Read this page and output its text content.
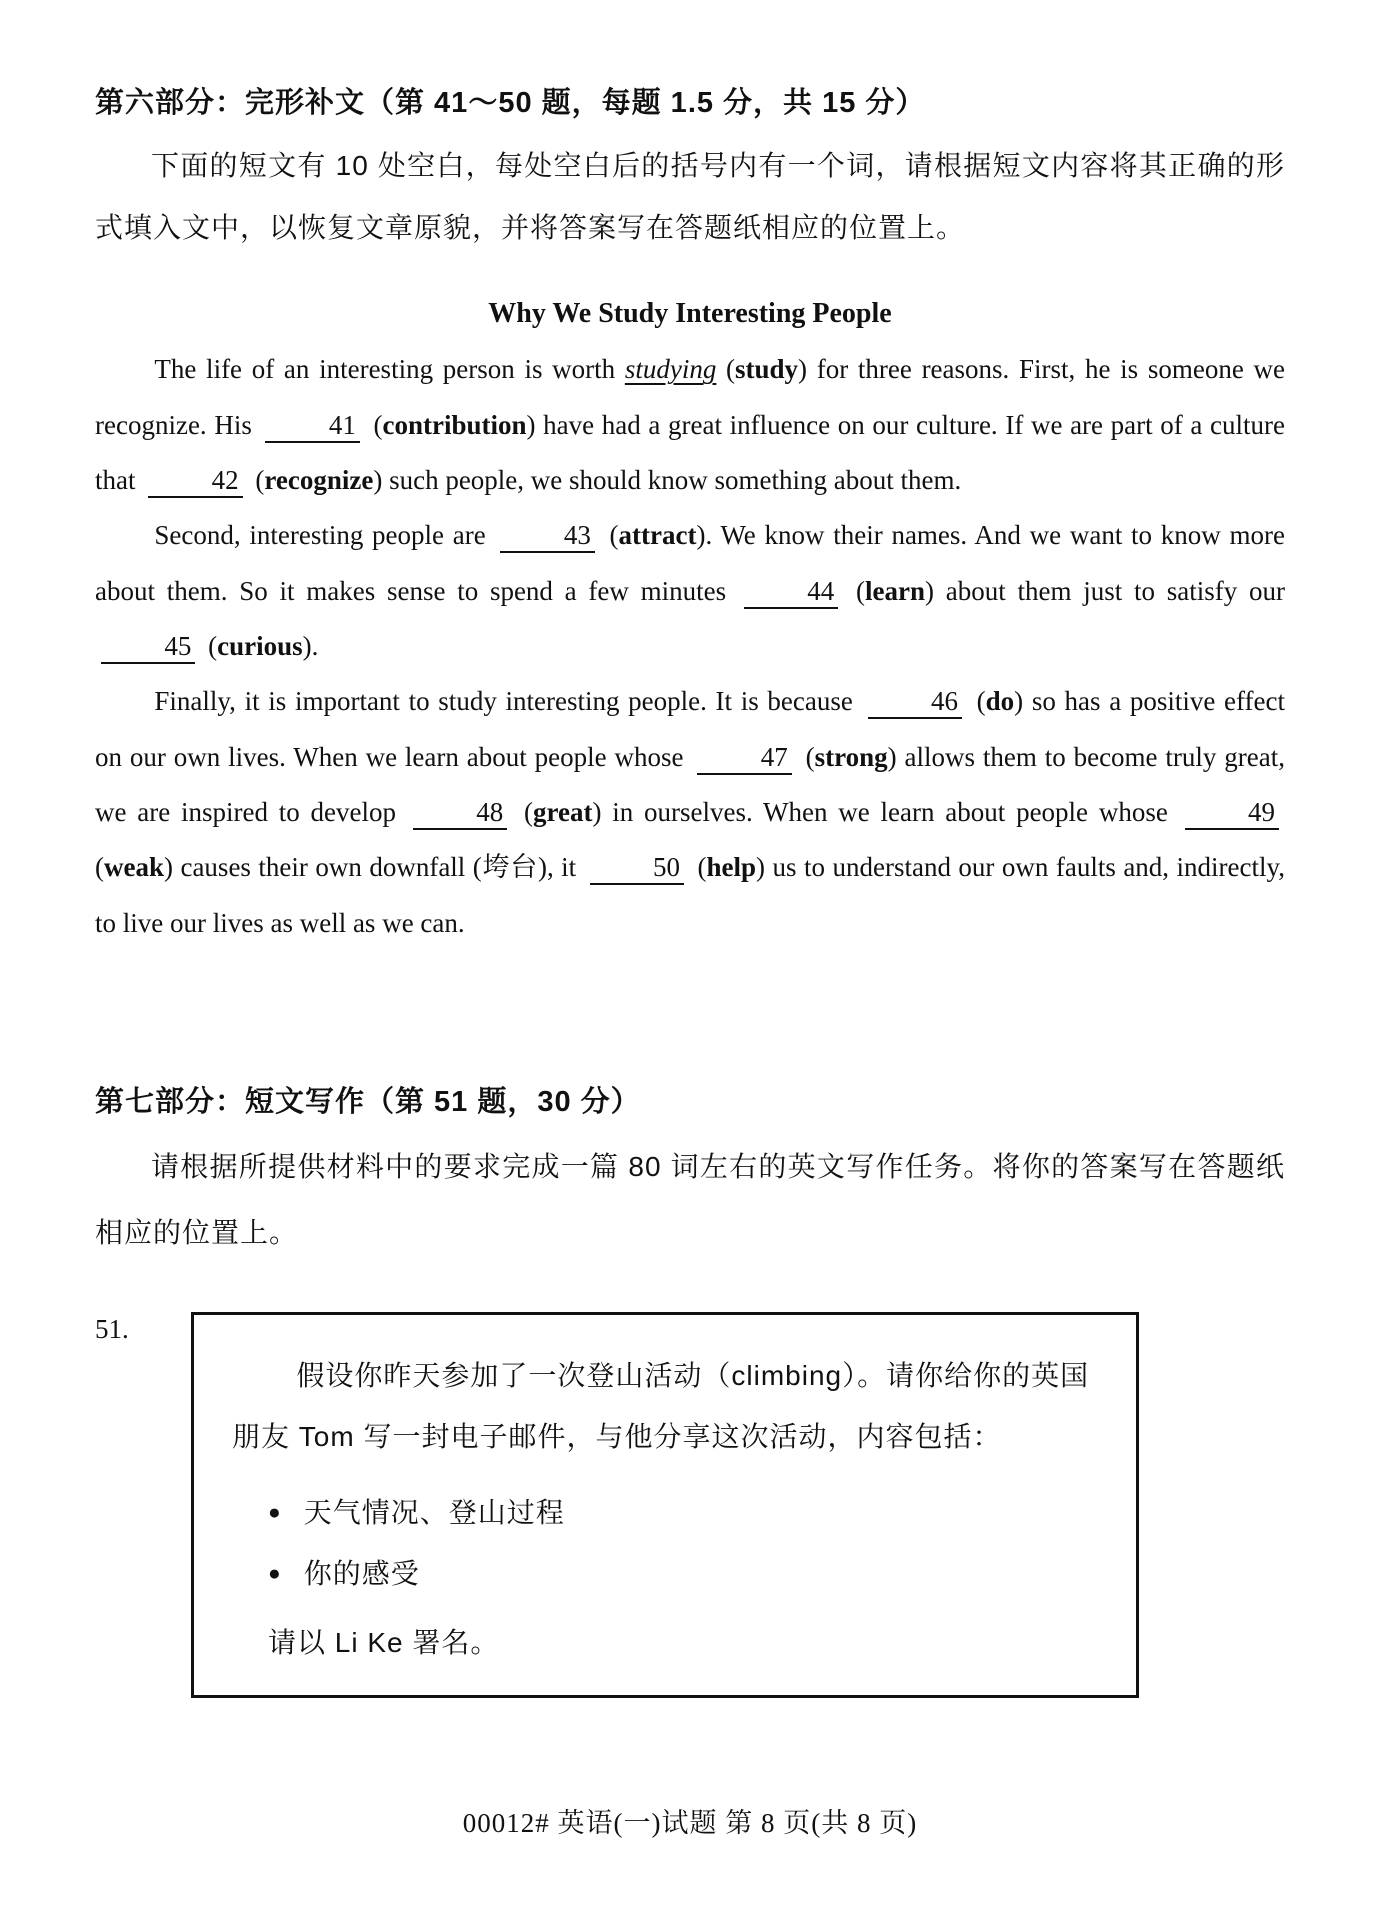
第六部分：完形补文（第 41～50 题，每题 1.5 分，共 15 分）

下面的短文有 10 处空白，每处空白后的括号内有一个词，请根据短文内容将其正确的形式填入文中，以恢复文章原貌，并将答案写在答题纸相应的位置上。

Why We Study Interesting People

The life of an interesting person is worth studying (study) for three reasons. First, he is someone we recognize. His	41 (contribution) have had a great influence on our culture. If we are part of a culture that	42 (recognize) such people, we should know something about them.

Second, interesting people are	43 (attract). We know their names. And we want to know more about them. So it makes sense to spend a few minutes	44 (learn) about them just to satisfy our 45 (curious).

Finally, it is important to study interesting people. It is because	46 (do) so has a positive effect on our own lives. When we learn about people whose	47 (strong) allows them to become truly great, we are inspired to develop	48 (great) in ourselves. When we learn about people whose	49 (weak) causes their own downfall (垮台), it	50 (help) us to understand our own faults and, indirectly, to live our lives as well as we can.

第七部分：短文写作（第 51 题，30 分）

请根据所提供材料中的要求完成一篇 80 词左右的英文写作任务。将你的答案写在答题纸相应的位置上。

51.

假设你昨天参加了一次登山活动（climbing）。请你给你的英国朋友 Tom 写一封电子邮件，与他分享这次活动，内容包括：

● 天气情况、登山过程
● 你的感受

请以 Li Ke 署名。

00012# 英语(一)试题 第 8 页(共 8 页)
